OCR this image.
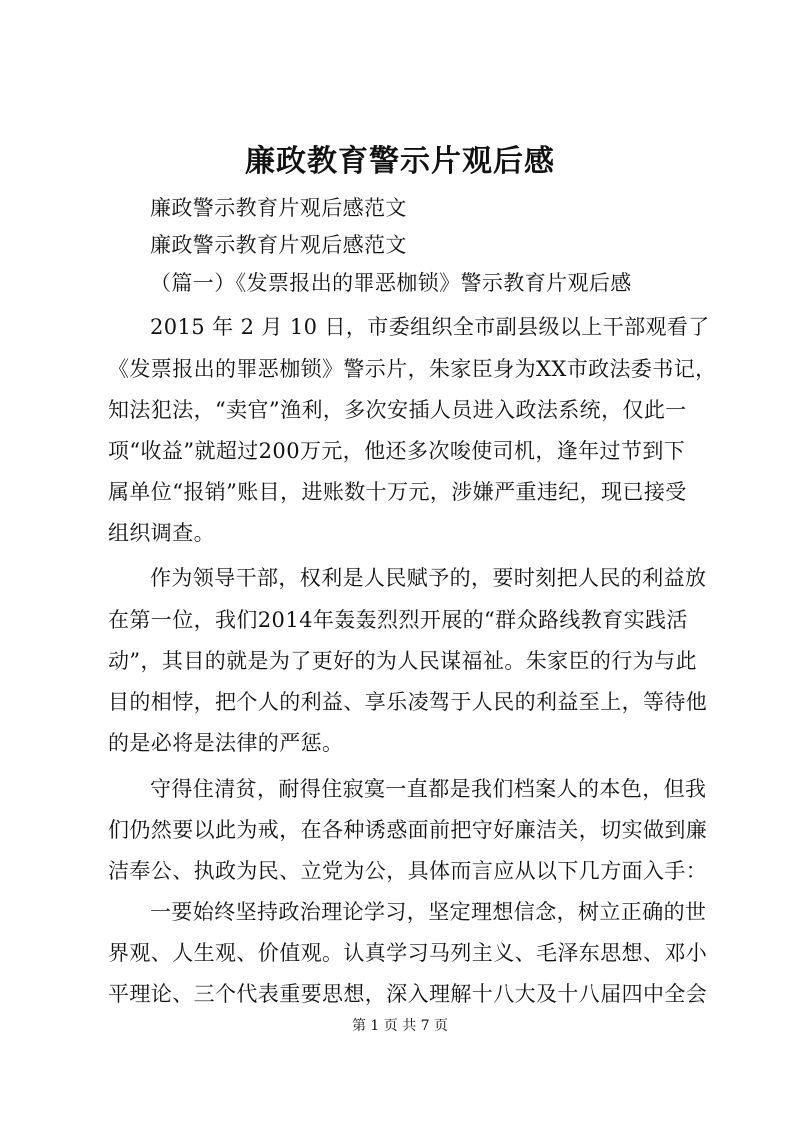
廉政教育警示片观后感
廉政警示教育片观后感范文
廉政警示教育片观后感范文
（篇一）《发票报出的罪恶枷锁》警示教育片观后感
2015 年 2 月 10 日，市委组织全市副县级以上干部观看了
《发票报出的罪恶枷锁》警示片，朱家臣身为XX市政法委书记，
知法犯法，“卖官”渔利，多次安插人员进入政法系统，仅此一
项“收益”就超过200万元，他还多次唆使司机，逢年过节到下
属单位“报销”账目，进账数十万元，涉嫌严重违纪，现已接受
组织调查。
作为领导干部，权利是人民赋予的，要时刻把人民的利益放
在第一位，我们2014年轰轰烈烈开展的“群众路线教育实践活
动”，其目的就是为了更好的为人民谋福祉。朱家臣的行为与此
目的相悖，把个人的利益、享乐凌驾于人民的利益至上，等待他
的是必将是法律的严惩。
守得住清贫，耐得住寂寞一直都是我们档案人的本色，但我
们仍然要以此为戒，在各种诱惑面前把守好廉洁关，切实做到廉
洁奉公、执政为民、立党为公，具体而言应从以下几方面入手：
一要始终坚持政治理论学习，坚定理想信念，树立正确的世
界观、人生观、价值观。认真学习马列主义、毛泽东思想、邓小
平理论、三个代表重要思想，深入理解十八大及十八届四中全会
第 1 页 共 7 页
